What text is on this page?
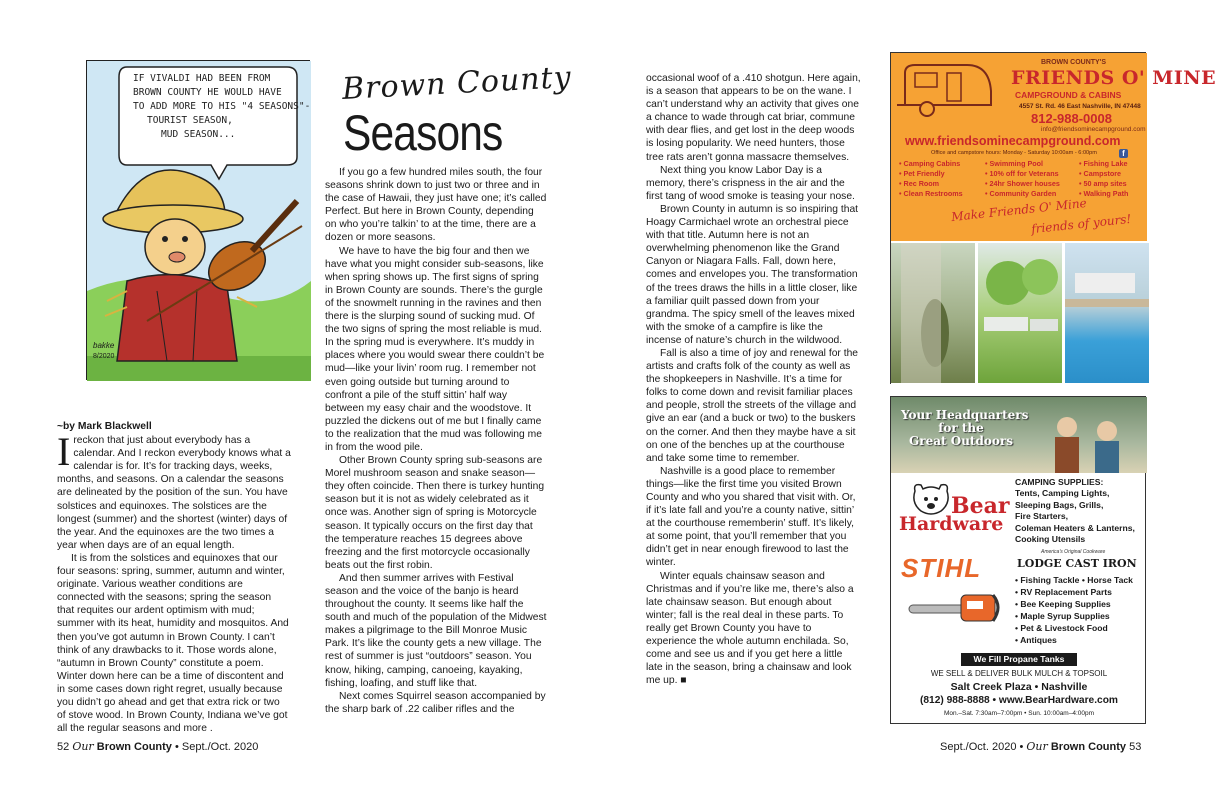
Brown County
Seasons
IF VIVALDI HAD BEEN FROM
BROWN COUNTY HE WOULD HAVE
TO ADD MORE TO HIS "4 SEASONS"-
TOURIST SEASON,
MUD SEASON...
bakke
8/2020
~by Mark Blackwell

Ireckon that just about everybody has a calendar. And I reckon everybody knows what a calendar is for. It’s for tracking days, weeks, months, and seasons. On a calendar the seasons are delineated by the position of the sun. You have solstices and equinoxes. The solstices are the longest (summer) and the shortest (winter) days of the year. And the equinoxes are the two times a year when days are of an equal length.

It is from the solstices and equinoxes that our four seasons: spring, summer, autumn and winter, originate. Various weather conditions are connected with the seasons; spring the season that requites our ardent optimism with mud; summer with its heat, humidity and mosquitos. And then you’ve got autumn in Brown County. I can’t think of any drawbacks to it. Those words alone, “autumn in Brown County” constitute a poem. Winter down here can be a time of discontent and in some cases down right regret, usually because you didn’t go ahead and get that extra rick or two of stove wood. In Brown County, Indiana we’ve got all the regular seasons and more .

If you go a few hundred miles south, the four seasons shrink down to just two or three and in the case of Hawaii, they just have one; it’s called Perfect. But here in Brown County, depending on who you’re talkin’ to at the time, there are a dozen or more seasons.

We have to have the big four and then we have what you might consider sub-seasons, like when spring shows up. The first signs of spring in Brown County are sounds. There’s the gurgle of the snowmelt running in the ravines and then there is the slurping sound of sucking mud. Of the two signs of spring the most reliable is mud. In the spring mud is everywhere. It’s muddy in places where you would swear there couldn’t be mud—like your livin’ room rug. I remember not even going outside but turning around to confront a pile of the stuff sittin’ half way between my easy chair and the woodstove. It puzzled the dickens out of me but I finally came to the realization that the mud was following me in from the wood pile.

Other Brown County spring sub-seasons are Morel mushroom season and snake season—they often coincide. Then there is turkey hunting season but it is not as widely celebrated as it once was. Another sign of spring is Motorcycle season. It typically occurs on the first day that the temperature reaches 15 degrees above freezing and the first motorcycle occasionally beats out the first robin.

And then summer arrives with Festival season and the voice of the banjo is heard throughout the county. It seems like half the south and much of the population of the Midwest makes a pilgrimage to the Bill Monroe Music Park. It’s like the county gets a new village. The rest of summer is just “outdoors” season. You know, hiking, camping, canoeing, kayaking, fishing, loafing, and stuff like that.

Next comes Squirrel season accompanied by the sharp bark of .22 caliber rifles and the

occasional woof of a .410 shotgun. Here again, is a season that appears to be on the wane. I can’t understand why an activity that gives one a chance to wade through cat briar, commune with dear flies, and get lost in the deep woods is losing popularity. We need hunters, those tree rats aren’t gonna massacre themselves.

Next thing you know Labor Day is a memory, there’s crispness in the air and the first tang of wood smoke is teasing your nose.

Brown County in autumn is so inspiring that Hoagy Carmichael wrote an orchestral piece with that title. Autumn here is not an overwhelming phenomenon like the Grand Canyon or Niagara Falls. Fall, down here, comes and envelopes you. The transformation of the trees draws the hills in a little closer, like a familiar quilt passed down from your grandma. The spicy smell of the leaves mixed with the smoke of a campfire is like the incense of nature’s church in the wildwood.

Fall is also a time of joy and renewal for the artists and crafts folk of the county as well as the shopkeepers in Nashville. It’s a time for folks to come down and revisit familiar places and people, stroll the streets of the village and give an ear (and a buck or two) to the buskers on the corner. And then they maybe have a sit on one of the benches up at the courthouse and take some time to remember.

Nashville is a good place to remember things—like the first time you visited Brown County and who you shared that visit with. Or, if it’s late fall and you’re a county native, sittin’ at the courthouse rememberin’ stuff. It’s likely, at some point, that you’ll remember that you didn’t get in near enough firewood to last the winter.

Winter equals chainsaw season and Christmas and if you’re like me, there’s also a late chainsaw season. But enough about winter; fall is the real deal in these parts. To really get Brown County you have to experience the whole autumn enchilada. So, come and see us and if you get here a little late in the season, bring a chainsaw and look me up. ■

BROWN COUNTY'S
FRIENDS O' MINE
CAMPGROUND & CABINS
4557 St. Rd. 46 East Nashville, IN 47448
812-988-0008
info@friendsominecampground.com
www.friendsominecampground.com
Office and campstore hours: Monday - Saturday 10:00am - 6:00pm	f
• Camping Cabins
• Pet Friendly
• Rec Room
• Clean Restrooms
• Swimming Pool
• 10% off for Veterans
• 24hr Shower houses
• Community Garden
• Fishing Lake
• Campstore
• 50 amp sites
• Walking Path
Make Friends O' Mine
friends of yours!
Your Headquarters
for the
Great Outdoors
Bear
Hardware
CAMPING SUPPLIES:
Tents, Camping Lights,
Sleeping Bags, Grills,
Fire Starters,
Coleman Heaters & Lanterns,
Cooking Utensils
STIHL
America's Original Cookware
LODGE CAST IRON
• Fishing Tackle • Horse Tack
• RV Replacement Parts
• Bee Keeping Supplies
• Maple Syrup Supplies
• Pet & Livestock Food
• Antiques
We Fill Propane Tanks
WE SELL & DELIVER BULK MULCH & TOPSOIL
Salt Creek Plaza • Nashville
(812) 988-8888 • www.BearHardware.com
Mon.–Sat. 7:30am–7:00pm • Sun. 10:00am–4:00pm
52 Our Brown County • Sept./Oct. 2020	Sept./Oct. 2020 • Our Brown County 53
